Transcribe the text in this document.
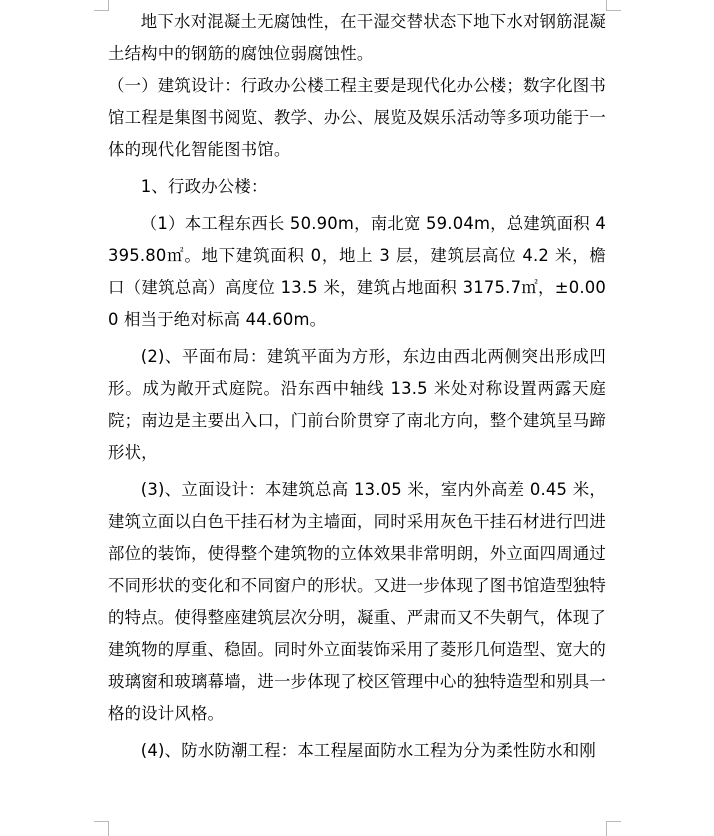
地下水对混凝土无腐蚀性，在干湿交替状态下地下水对钢筋混凝土结构中的钢筋的腐蚀位弱腐蚀性。

（一）建筑设计：行政办公楼工程主要是现代化办公楼；数字化图书馆工程是集图书阅览、教学、办公、展览及娱乐活动等多项功能于一体的现代化智能图书馆。

1、行政办公楼：

（1）本工程东西长 50.90m，南北宽 59.04m，总建筑面积 4395.80㎡。地下建筑面积 0，地上 3 层，建筑层高位 4.2 米，檐口（建筑总高）高度位 13.5 米，建筑占地面积 3175.7㎡，±0.000 相当于绝对标高 44.60m。

(2)、平面布局：建筑平面为方形，东边由西北两侧突出形成凹形。成为敞开式庭院。沿东西中轴线 13.5 米处对称设置两露天庭院；南边是主要出入口，门前台阶贯穿了南北方向，整个建筑呈马蹄形状，

(3)、立面设计：本建筑总高 13.05 米，室内外高差 0.45 米，建筑立面以白色干挂石材为主墙面，同时采用灰色干挂石材进行凹进部位的装饰，使得整个建筑物的立体效果非常明朗，外立面四周通过不同形状的变化和不同窗户的形状。又进一步体现了图书馆造型独特的特点。使得整座建筑层次分明，凝重、严肃而又不失朝气，体现了建筑物的厚重、稳固。同时外立面装饰采用了菱形几何造型、宽大的玻璃窗和玻璃幕墙，进一步体现了校区管理中心的独特造型和别具一格的设计风格。

(4)、防水防潮工程：本工程屋面防水工程为分为柔性防水和刚
